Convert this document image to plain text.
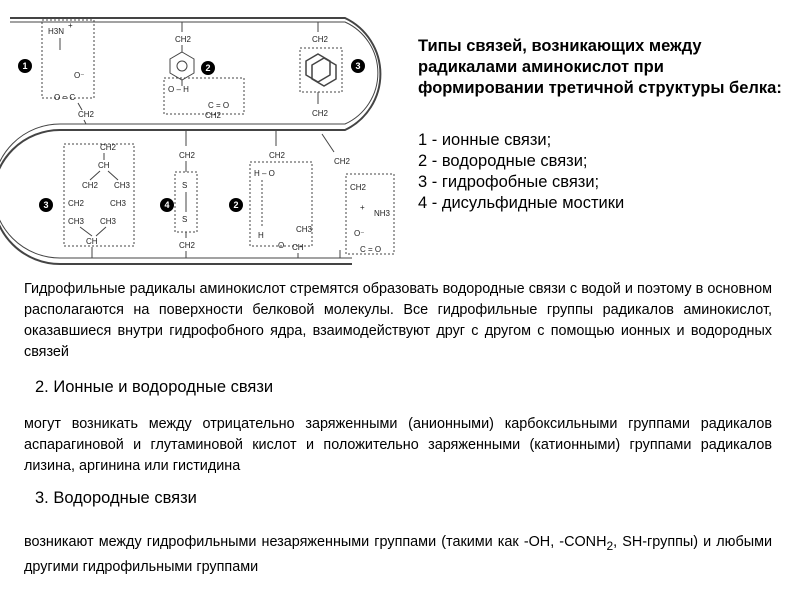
H3N
+
O⁻
O = C
CH2
CH2
O – H
C = O
CH2
CH2
CH2
CH2
CH
CH2 CH3
CH2	CH3
CH3 CH3
CH
CH2
S
S
CH2
CH2
H – O
H
O
CH3
CH
CH2
CH2
NH3
+
O⁻
C = O
1	2	3
3	4	2
Типы связей, возникающих между радикалами аминокислот при формировании третичной структуры белка:
1 - ионные связи;
2 - водородные связи;
3 - гидрофобные связи;
4 - дисульфидные мостики
Гидрофильные радикалы аминокислот стремятся образовать водородные связи с водой и поэтому в основном располагаются на поверхности белковой молекулы. Все гидрофильные группы радикалов аминокислот, оказавшиеся внутри гидрофобного ядра, взаимодействуют друг с другом с помощью ионных и водородных связей
2. Ионные и водородные связи
могут возникать между отрицательно заряженными (анионными) карбоксильными группами радикалов аспарагиновой и глутаминовой кислот и положительно заряженными (катионными) группами радикалов лизина, аргинина или гистидина
3. Водородные связи
возникают между гидрофильными незаряженными группами (такими как -OH, $-CONH_2$, SH-группы) и любыми другими гидрофильными группами
